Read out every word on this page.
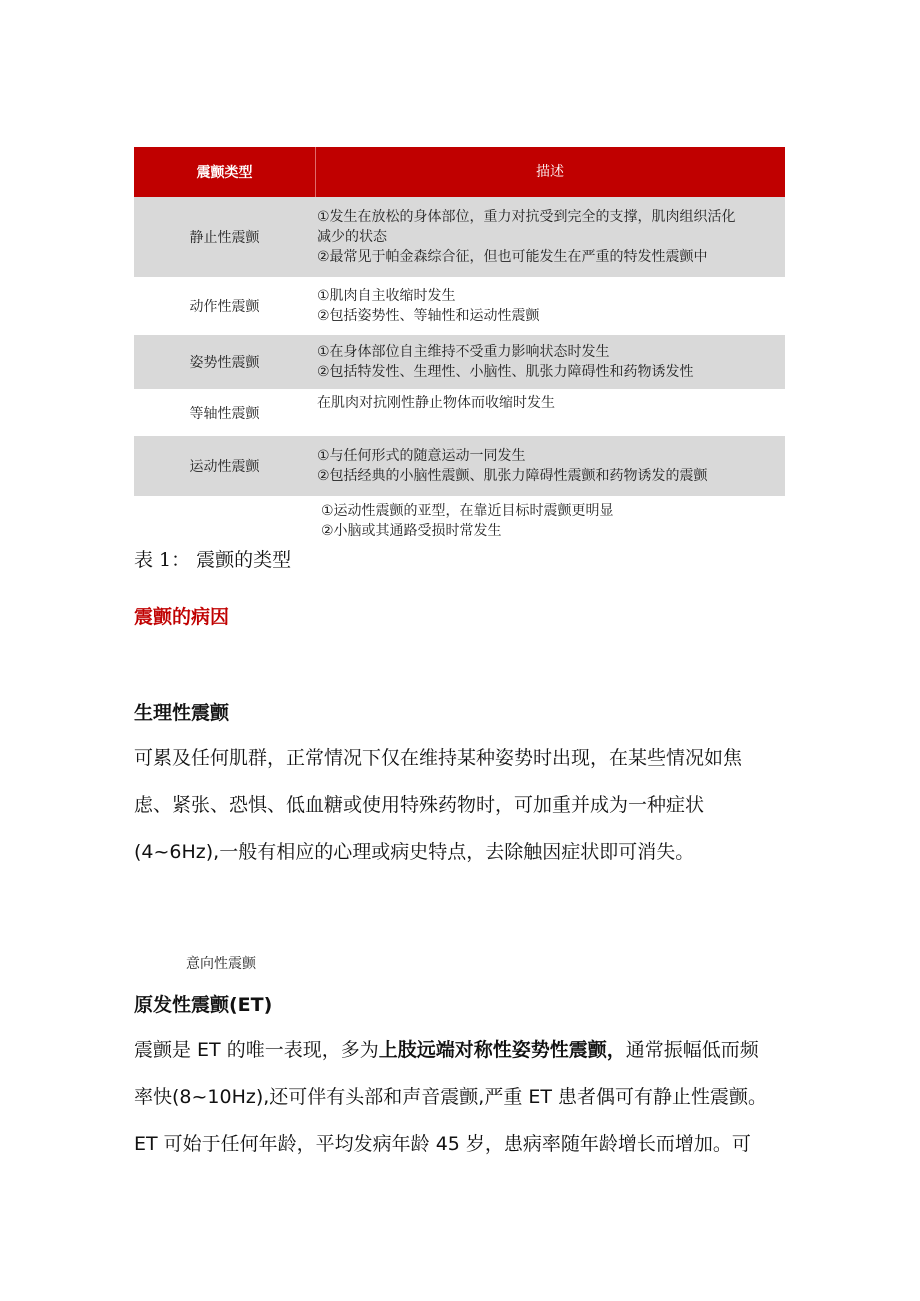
震颤类型	描述
静止性震颤
①发生在放松的身体部位，重力对抗受到完全的支撑，肌肉组织活化
减少的状态
②最常见于帕金森综合征，但也可能发生在严重的特发性震颤中
动作性震颤
①肌肉自主收缩时发生
②包括姿势性、等轴性和运动性震颤
姿势性震颤
①在身体部位自主维持不受重力影响状态时发生
②包括特发性、生理性、小脑性、肌张力障碍性和药物诱发性
等轴性震颤
在肌肉对抗刚性静止物体而收缩时发生
运动性震颤
①与任何形式的随意运动一同发生
②包括经典的小脑性震颤、肌张力障碍性震颤和药物诱发的震颤
①运动性震颤的亚型，在靠近目标时震颤更明显
②小脑或其通路受损时常发生
表 1： 震颤的类型
震颤的病因
生理性震颤
可累及任何肌群，正常情况下仅在维持某种姿势时出现，在某些情况如焦
虑、紧张、恐惧、低血糖或使用特殊药物时，可加重并成为一种症状
(4~6Hz),一般有相应的心理或病史特点，去除触因症状即可消失。
意向性震颤
原发性震颤(ET)
震颤是 ET 的唯一表现，多为上肢远端对称性姿势性震颤，通常振幅低而频
率快(8~10Hz),还可伴有头部和声音震颤,严重 ET 患者偶可有静止性震颤。
ET 可始于任何年龄，平均发病年龄 45 岁，患病率随年龄增长而增加。可
